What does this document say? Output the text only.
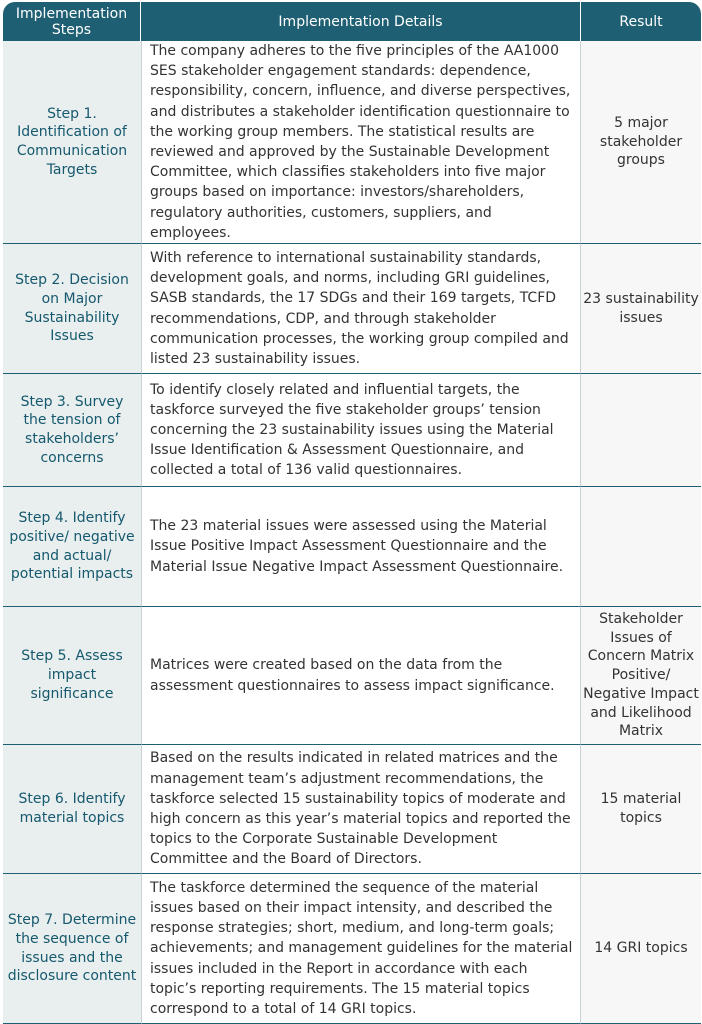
Implementation Steps	Implementation Details	Result
Step 1. Identification of Communication Targets	The company adheres to the five principles of the AA1000 SES stakeholder engagement standards: dependence, responsibility, concern, influence, and diverse perspectives, and distributes a stakeholder identification questionnaire to the working group members. The statistical results are reviewed and approved by the Sustainable Development Committee, which classifies stakeholders into five major groups based on importance: investors/shareholders, regulatory authorities, customers, suppliers, and employees.	5 major stakeholder groups
Step 2. Decision on Major Sustainability Issues	With reference to international sustainability standards, development goals, and norms, including GRI guidelines, SASB standards, the 17 SDGs and their 169 targets, TCFD recommendations, CDP, and through stakeholder communication processes, the working group compiled and listed 23 sustainability issues.	23 sustainability issues
Step 3. Survey the tension of stakeholders’ concerns	To identify closely related and influential targets, the taskforce surveyed the five stakeholder groups’ tension concerning the 23 sustainability issues using the Material Issue Identification & Assessment Questionnaire, and collected a total of 136 valid questionnaires.	
Step 4. Identify positive/ negative and actual/ potential impacts	The 23 material issues were assessed using the Material Issue Positive Impact Assessment Questionnaire and the Material Issue Negative Impact Assessment Questionnaire.	
Step 5. Assess impact significance	Matrices were created based on the data from the assessment questionnaires to assess impact significance.	Stakeholder Issues of Concern Matrix Positive/ Negative Impact and Likelihood Matrix
Step 6. Identify material topics	Based on the results indicated in related matrices and the management team’s adjustment recommendations, the taskforce selected 15 sustainability topics of moderate and high concern as this year’s material topics and reported the topics to the Corporate Sustainable Development Committee and the Board of Directors.	15 material topics
Step 7. Determine the sequence of issues and the disclosure content	The taskforce determined the sequence of the material issues based on their impact intensity, and described the response strategies; short, medium, and long-term goals; achievements; and management guidelines for the material issues included in the Report in accordance with each topic’s reporting requirements. The 15 material topics correspond to a total of 14 GRI topics.	14 GRI topics
